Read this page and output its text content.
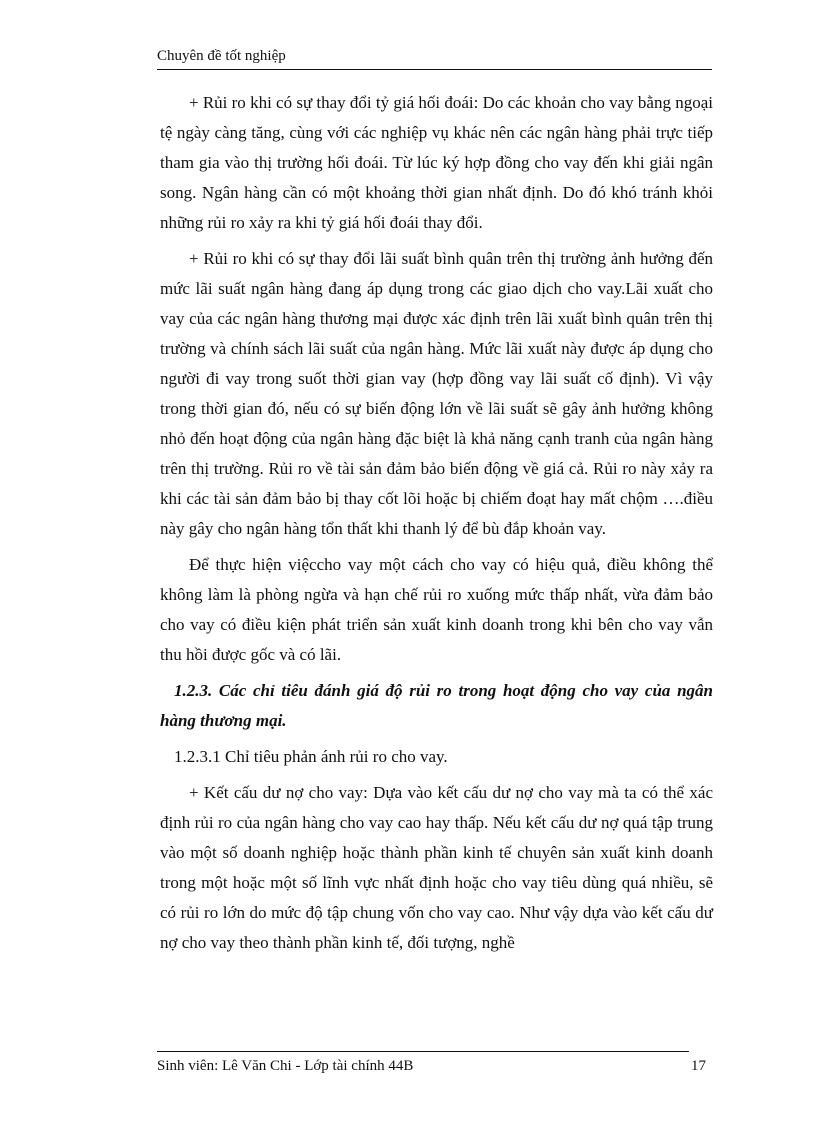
Chuyên đề tốt nghiệp

+ Rủi ro khi có sự thay đổi tỷ giá hối đoái: Do các khoản cho vay bằng ngoại tệ ngày càng tăng, cùng với các nghiệp vụ khác nên các ngân hàng phải trực tiếp tham gia vào thị trường hối đoái. Từ lúc ký hợp đồng cho vay đến khi giải ngân song. Ngân hàng cần có một khoảng thời gian nhất định. Do đó khó tránh khỏi những rủi ro xảy ra khi tỷ giá hối đoái thay đổi.

+ Rủi ro khi có sự thay đổi lãi suất bình quân trên thị trường ảnh hưởng đến mức lãi suất ngân hàng đang áp dụng trong các giao dịch cho vay.Lãi xuất cho vay của các ngân hàng thương mại được xác định trên lãi xuất bình quân trên thị trường và chính sách lãi suất của ngân hàng. Mức lãi xuất này được áp dụng cho người đi vay trong suốt thời gian vay (hợp đồng vay lãi suất cố định). Vì vậy trong thời gian đó, nếu có sự biến động lớn về lãi suất sẽ gây ảnh hưởng không nhỏ đến hoạt động của ngân hàng đặc biệt là khả năng cạnh tranh của ngân hàng trên thị trường. Rủi ro về tài sản đảm bảo biến động về giá cả. Rủi ro này xảy ra khi các tài sản đảm bảo bị thay cốt lõi hoặc bị chiếm đoạt hay mất chộm ….điều này gây cho ngân hàng tổn thất khi thanh lý để bù đắp khoản vay.

Để thực hiện việccho vay một cách cho vay có hiệu quả, điều không thể không làm là phòng ngừa và hạn chế rủi ro xuống mức thấp nhất, vừa đảm bảo cho vay có điều kiện phát triển sản xuất kinh doanh trong khi bên cho vay vẫn thu hồi được gốc và có lãi.

1.2.3. Các chỉ tiêu đánh giá độ rủi ro trong hoạt động cho vay của ngân hàng thương mại.
1.2.3.1 Chỉ tiêu phản ánh rủi ro cho vay.

+ Kết cấu dư nợ cho vay: Dựa vào kết cấu dư nợ cho vay mà ta có thể xác định rủi ro của ngân hàng cho vay cao hay thấp. Nếu kết cấu dư nợ quá tập trung vào một số doanh nghiệp hoặc thành phần kinh tế chuyên sản xuất kinh doanh trong một hoặc một số lĩnh vực nhất định hoặc cho vay tiêu dùng quá nhiều, sẽ có rủi ro lớn do mức độ tập chung vốn cho vay cao. Như vậy dựa vào kết cấu dư nợ cho vay theo thành phần kinh tế, đối tượng, nghề

Sinh viên: Lê Văn Chi - Lớp tài chính 44B	17
